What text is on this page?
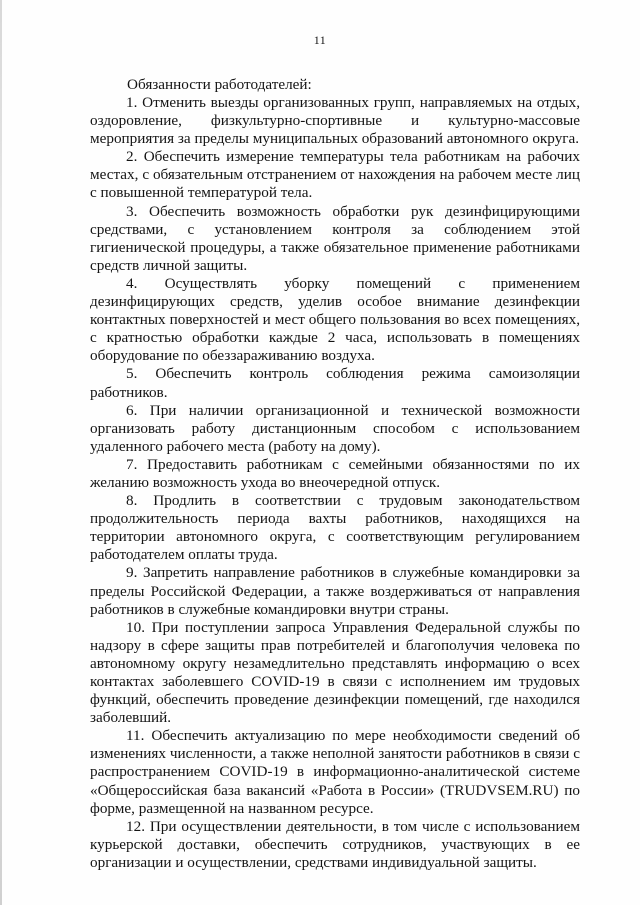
11
Обязанности работодателей:

1. Отменить выезды организованных групп, направляемых на отдых, оздоровление, физкультурно-спортивные и культурно-массовые мероприятия за пределы муниципальных образований автономного округа.

2. Обеспечить измерение температуры тела работникам на рабочих местах, с обязательным отстранением от нахождения на рабочем месте лиц с повышенной температурой тела.

3. Обеспечить возможность обработки рук дезинфицирующими средствами, с установлением контроля за соблюдением этой гигиенической процедуры, а также обязательное применение работниками средств личной защиты.

4. Осуществлять уборку помещений с применением дезинфицирующих средств, уделив особое внимание дезинфекции контактных поверхностей и мест общего пользования во всех помещениях, с кратностью обработки каждые 2 часа, использовать в помещениях оборудование по обеззараживанию воздуха.

5. Обеспечить контроль соблюдения режима самоизоляции работников.

6. При наличии организационной и технической возможности организовать работу дистанционным способом с использованием удаленного рабочего места (работу на дому).

7. Предоставить работникам с семейными обязанностями по их желанию возможность ухода во внеочередной отпуск.

8. Продлить в соответствии с трудовым законодательством продолжительность периода вахты работников, находящихся на территории автономного округа, с соответствующим регулированием работодателем оплаты труда.

9. Запретить направление работников в служебные командировки за пределы Российской Федерации, а также воздерживаться от направления работников в служебные командировки внутри страны.

10. При поступлении запроса Управления Федеральной службы по надзору в сфере защиты прав потребителей и благополучия человека по автономному округу незамедлительно представлять информацию о всех контактах заболевшего COVID-19 в связи с исполнением им трудовых функций, обеспечить проведение дезинфекции помещений, где находился заболевший.

11. Обеспечить актуализацию по мере необходимости сведений об изменениях численности, а также неполной занятости работников в связи с распространением COVID-19 в информационно-аналитической системе «Общероссийская база вакансий «Работа в России» (TRUDVSEM.RU) по форме, размещенной на названном ресурсе.

12. При осуществлении деятельности, в том числе с использованием курьерской доставки, обеспечить сотрудников, участвующих в ее организации и осуществлении, средствами индивидуальной защиты.
